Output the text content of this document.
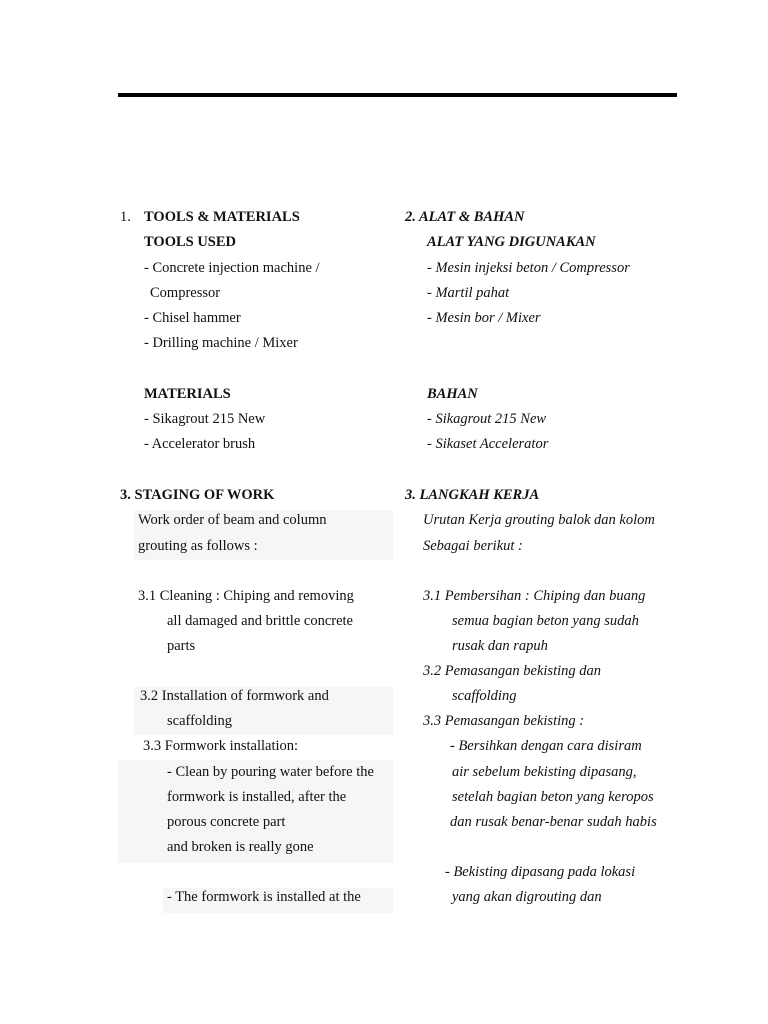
1. TOOLS & MATERIALS
TOOLS USED
- Concrete injection machine /
Compressor
- Chisel hammer
- Drilling machine / Mixer
MATERIALS
- Sikagrout 215 New
- Accelerator brush
3. STAGING OF WORK
Work order of beam and column
grouting as follows :
3.1 Cleaning : Chiping and removing
all damaged and brittle concrete
parts
3.2 Installation of formwork and
scaffolding
3.3 Formwork installation:
- Clean by pouring water before the
formwork is installed, after the
porous concrete part
and broken is really gone
- The formwork is installed at the
2. ALAT & BAHAN
ALAT YANG DIGUNAKAN
- Mesin injeksi beton / Compressor
- Martil pahat
- Mesin bor / Mixer
BAHAN
- Sikagrout 215 New
- Sikaset Accelerator
3. LANGKAH KERJA
Urutan Kerja grouting balok dan kolom
Sebagai berikut :
3.1 Pembersihan : Chiping dan buang
semua bagian beton yang sudah
rusak dan rapuh
3.2 Pemasangan bekisting dan
scaffolding
3.3 Pemasangan bekisting :
- Bersihkan dengan cara disiram
air sebelum bekisting dipasang,
setelah bagian beton yang keropos
dan rusak benar-benar sudah habis
- Bekisting dipasang pada lokasi
yang akan digrouting dan
